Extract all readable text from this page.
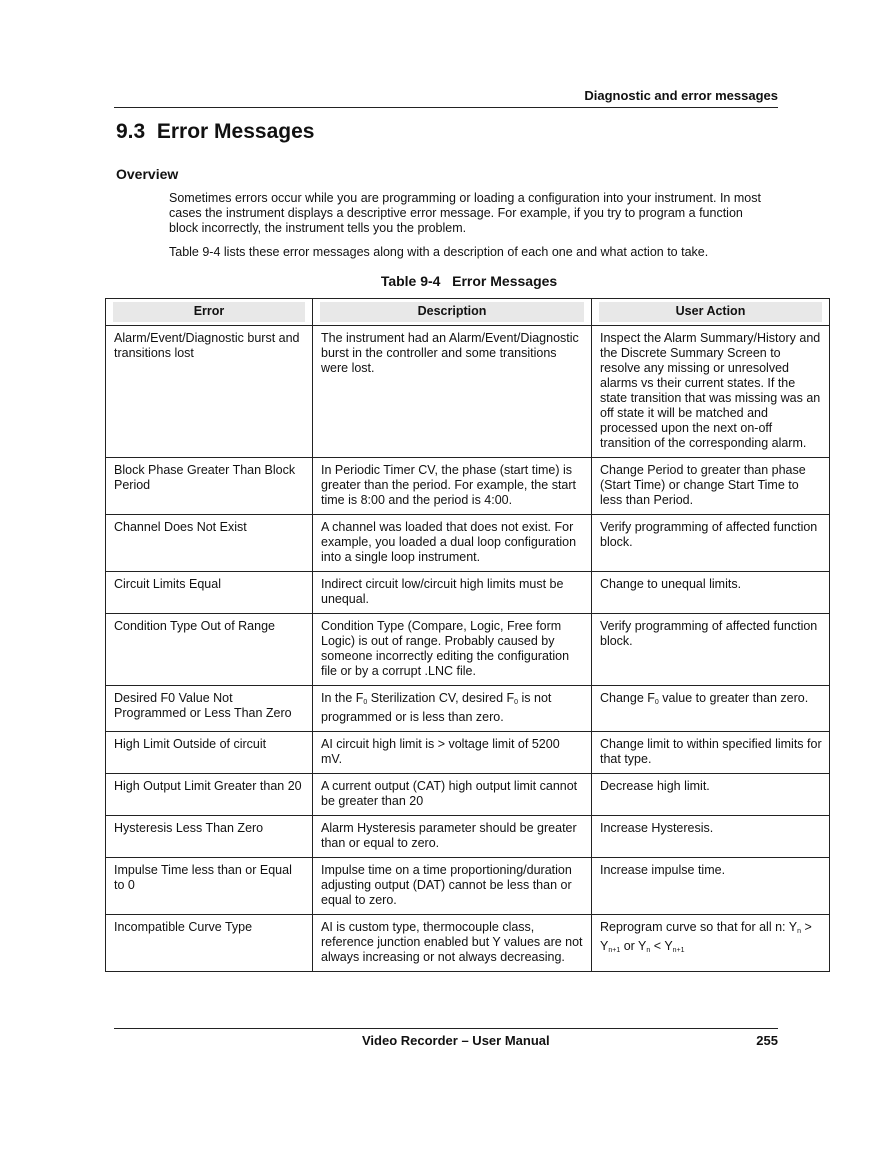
Diagnostic and error messages
9.3  Error Messages
Overview
Sometimes errors occur while you are programming or loading a configuration into your instrument. In most cases the instrument displays a descriptive error message. For example, if you try to program a function block incorrectly, the instrument tells you the problem.
Table 9-4 lists these error messages along with a description of each one and what action to take.
Table 9-4   Error Messages
Error	Description	User Action

Alarm/Event/Diagnostic burst and transitions lost	The instrument had an Alarm/Event/Diagnostic burst in the controller and some transitions were lost.	Inspect the Alarm Summary/History and the Discrete Summary Screen to resolve any missing or unresolved alarms vs their current states. If the state transition that was missing was an off state it will be matched and processed upon the next on-off transition of the corresponding alarm.
Block Phase Greater Than Block Period	In Periodic Timer CV, the phase (start time) is greater than the period. For example, the start time is 8:00 and the period is 4:00.	Change Period to greater than phase (Start Time) or change Start Time to less than Period.
Channel Does Not Exist	A channel was loaded that does not exist. For example, you loaded a dual loop configuration into a single loop instrument.	Verify programming of affected function block.
Circuit Limits Equal	Indirect circuit low/circuit high limits must be unequal.	Change to unequal limits.
Condition Type Out of Range	Condition Type (Compare, Logic, Free form Logic) is out of range. Probably caused by someone incorrectly editing the configuration file or by a corrupt .LNC file.	Verify programming of affected function block.
Desired F0 Value Not Programmed or Less Than Zero	In the $F_0$ Sterilization CV, desired $F_0$ is not programmed or is less than zero.	Change $F_0$ value to greater than zero.
High Limit Outside of circuit	AI circuit high limit is > voltage limit of 5200 mV.	Change limit to within specified limits for that type.
High Output Limit Greater than 20	A current output (CAT) high output limit cannot be greater than 20	Decrease high limit.
Hysteresis Less Than Zero	Alarm Hysteresis parameter should be greater than or equal to zero.	Increase Hysteresis.
Impulse Time less than or Equal to 0	Impulse time on a time proportioning/duration adjusting output (DAT) cannot be less than or equal to zero.	Increase impulse time.
Incompatible Curve Type	AI is custom type, thermocouple class, reference junction enabled but Y values are not always increasing or not always decreasing.	Reprogram curve so that for all n: $Y_n > Y_{n+1}$ or $Y_n < Y_{n+1}$
Video Recorder – User Manual	255
